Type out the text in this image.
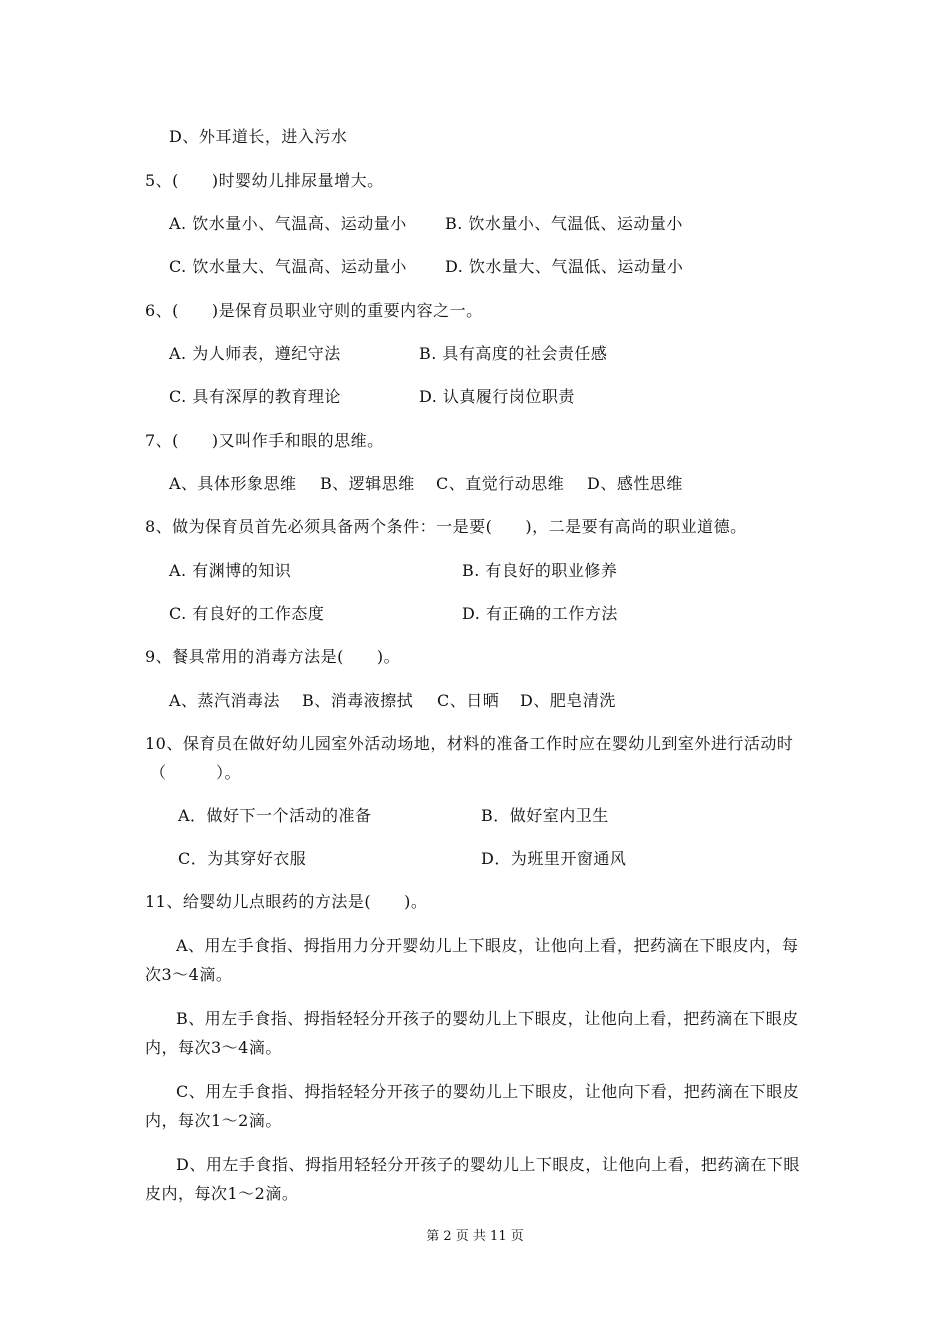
D、外耳道长，进入污水
5、(　　)时婴幼儿排尿量增大。
A. 饮水量小、气温高、运动量小 B. 饮水量小、气温低、运动量小
C. 饮水量大、气温高、运动量小 D. 饮水量大、气温低、运动量小
6、(　　)是保育员职业守则的重要内容之一。
A. 为人师表，遵纪守法	B. 具有高度的社会责任感
C. 具有深厚的教育理论	D. 认真履行岗位职责
7、(　　)又叫作手和眼的思维。
A、具体形象思维 B、逻辑思维 C、直觉行动思维 D、感性思维
8、做为保育员首先必须具备两个条件：一是要(　　)，二是要有高尚的职业道德。
A. 有渊博的知识	B. 有良好的职业修养
C. 有良好的工作态度	D. 有正确的工作方法
9、餐具常用的消毒方法是(　　)。
A、蒸汽消毒法 B、消毒液擦拭 C、日晒 D、肥皂清洗
10、保育员在做好幼儿园室外活动场地，材料的准备工作时应在婴幼儿到室外进行活动时
（　　　）。
A．做好下一个活动的准备	B．做好室内卫生
C．为其穿好衣服	D．为班里开窗通风
11、给婴幼儿点眼药的方法是(　　)。
A、用左手食指、拇指用力分开婴幼儿上下眼皮，让他向上看，把药滴在下眼皮内，每
次3～4滴。
B、用左手食指、拇指轻轻分开孩子的婴幼儿上下眼皮，让他向上看，把药滴在下眼皮
内，每次3～4滴。
C、用左手食指、拇指轻轻分开孩子的婴幼儿上下眼皮，让他向下看，把药滴在下眼皮
内，每次1～2滴。
D、用左手食指、拇指用轻轻分开孩子的婴幼儿上下眼皮，让他向上看，把药滴在下眼
皮内，每次1～2滴。
第 2 页 共 11 页
